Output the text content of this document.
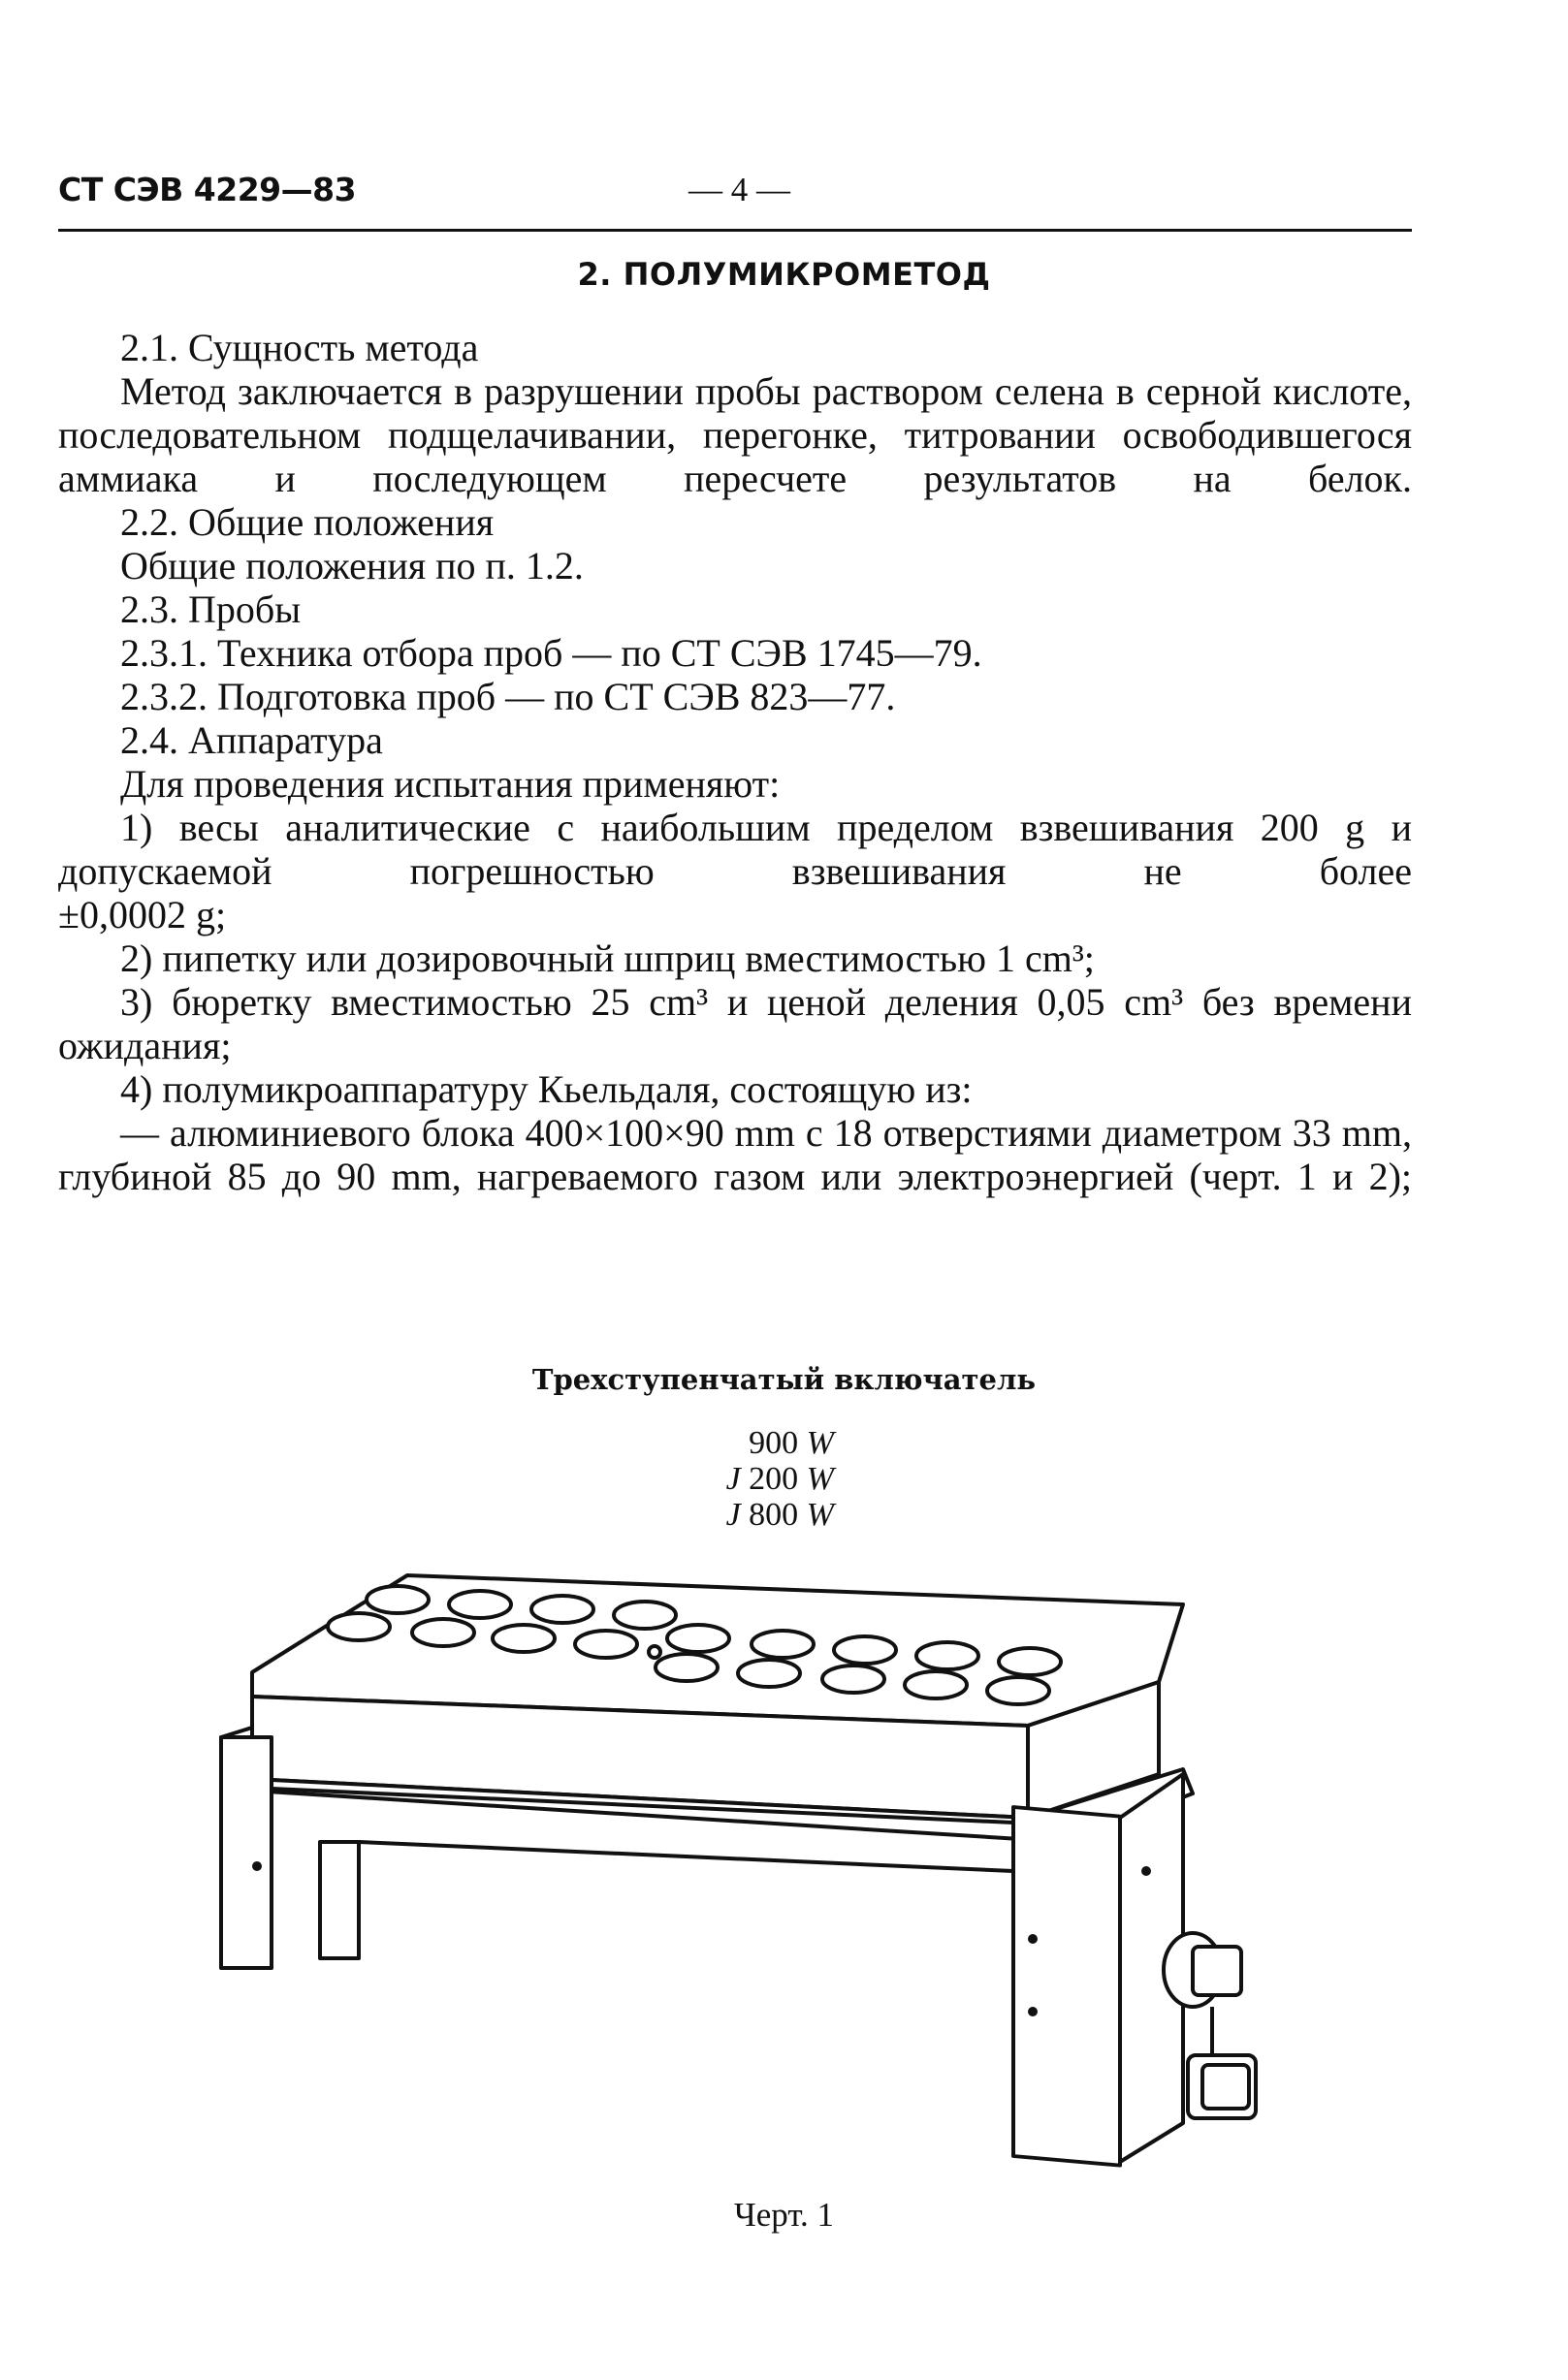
СТ СЭВ 4229—83	— 4 —
2. ПОЛУМИКРОМЕТОД

2.1. Сущность метода

Метод заключается в разрушении пробы раствором селена в серной кислоте, последовательном подщелачивании, перегонке, титровании освободившегося аммиака и последующем пересчете результатов на белок.

2.2. Общие положения

Общие положения по п. 1.2.

2.3. Пробы

2.3.1. Техника отбора проб — по СТ СЭВ 1745—79.

2.3.2. Подготовка проб — по СТ СЭВ 823—77.

2.4. Аппаратура

Для проведения испытания применяют:

1) весы аналитические с наибольшим пределом взвешивания 200 g и допускаемой погрешностью взвешивания не более

±0,0002 g;

2) пипетку или дозировочный шприц вместимостью 1 cm³;

3) бюретку вместимостью 25 cm³ и ценой деления 0,05 cm³ без времени ожидания;

4) полумикроаппаратуру Кьельдаля, состоящую из:

— алюминиевого блока 400×100×90 mm с 18 отверстиями диаметром 33 mm, глубиной 85 до 90 mm, нагреваемого газом или электроэнергией (черт. 1 и 2);

Трехступенчатый включатель
900 W
J 200 W
J 800 W
Черт. 1
